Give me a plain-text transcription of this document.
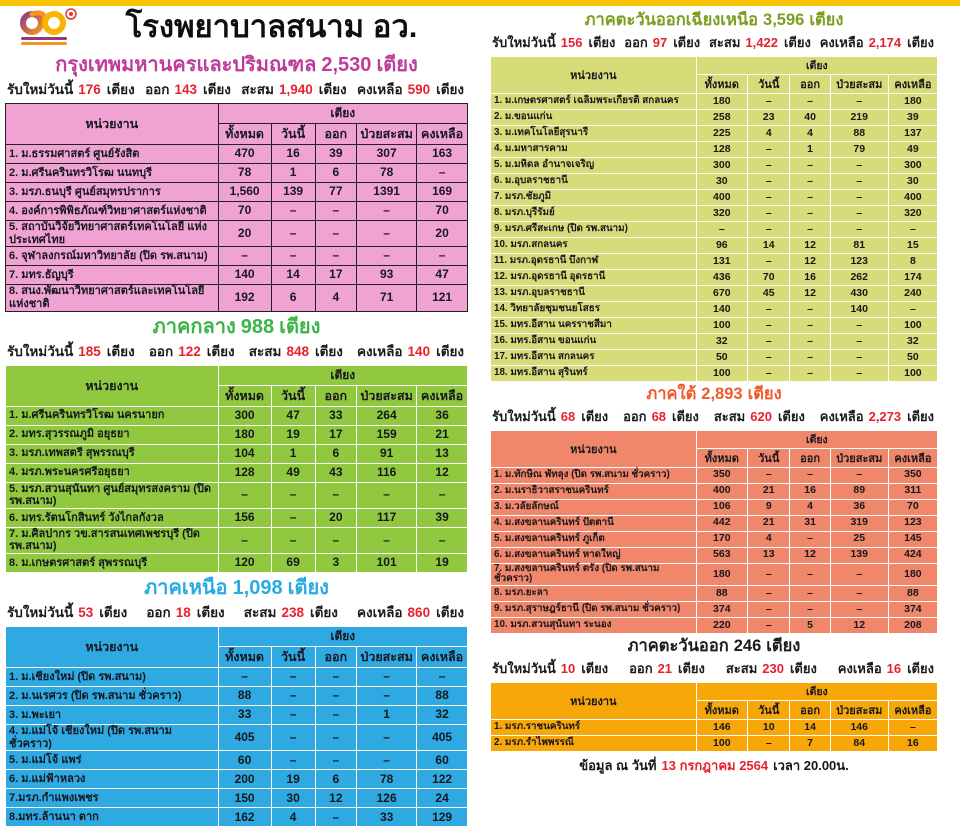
โรงพยาบาลสนาม อว.
กรุงเทพมหานครและปริมณฑล 2,530 เตียง
รับใหม่วันนี้ 176 เตียง ออก 143 เตียง สะสม 1,940 เตียง คงเหลือ 590 เตียง
หน่วยงาน	เตียง				
	ทั้งหมด	วันนี้	ออก	ป่วยสะสม	คงเหลือ
1. ม.ธรรมศาสตร์ ศูนย์รังสิต	470	16	39	307	163
2. ม.ศรีนครินทรวิโรฒ นนทบุรี	78	1	6	78	–
3. มรภ.ธนบุรี ศูนย์สมุทรปราการ	1,560	139	77	1391	169
4. องค์การพิพิธภัณฑ์วิทยาศาสตร์แห่งชาติ	70	–	–	–	70
5. สถาบันวิจัยวิทยาศาสตร์เทคโนโลยี แห่งประเทศไทย	20	–	–	–	20
6. จุฬาลงกรณ์มหาวิทยาลัย (ปิด รพ.สนาม)	–	–	–	–	–
7. มทร.ธัญบุรี	140	14	17	93	47
8. สนง.พัฒนาวิทยาศาสตร์และเทคโนโลยีแห่งชาติ	192	6	4	71	121
ภาคกลาง 988 เตียง
รับใหม่วันนี้ 185 เตียง ออก 122 เตียง สะสม 848 เตียง คงเหลือ 140 เตียง
หน่วยงาน	เตียง				
	ทั้งหมด	วันนี้	ออก	ป่วยสะสม	คงเหลือ
1. ม.ศรีนครินทรวิโรฒ นครนายก	300	47	33	264	36
2. มทร.สุวรรณภูมิ อยุธยา	180	19	17	159	21
3. มรภ.เทพสตรี สุพรรณบุรี	104	1	6	91	13
4. มรภ.พระนครศรีอยุธยา	128	49	43	116	12
5. มรภ.สวนสุนันทา ศูนย์สมุทรสงคราม (ปิด รพ.สนาม)	–	–	–	–	–
6. มทร.รัตนโกสินทร์ วังไกลกังวล	156	–	20	117	39
7. ม.ศิลปากร วข.สารสนเทศเพชรบุรี (ปิด รพ.สนาม)	–	–	–	–	–
8. ม.เกษตรศาสตร์ สุพรรณบุรี	120	69	3	101	19
ภาคเหนือ 1,098 เตียง
รับใหม่วันนี้ 53 เตียง ออก 18 เตียง สะสม 238 เตียง คงเหลือ 860 เตียง
หน่วยงาน	เตียง				
	ทั้งหมด	วันนี้	ออก	ป่วยสะสม	คงเหลือ
1. ม.เชียงใหม่ (ปิด รพ.สนาม)	–	–	–	–	–
2. ม.นเรศวร (ปิด รพ.สนาม ชั่วคราว)	88	–	–	–	88
3. ม.พะเยา	33	–	–	1	32
4. ม.แม่โจ้ เชียงใหม่ (ปิด รพ.สนาม ชั่วคราว)	405	–	–	–	405
5. ม.แม่โจ้ แพร่	60	–	–	–	60
6. ม.แม่ฟ้าหลวง	200	19	6	78	122
7.มรภ.กำแพงเพชร	150	30	12	126	24
8.มทร.ล้านนา ตาก	162	4	–	33	129
ภาคตะวันออกเฉียงเหนือ 3,596 เตียง
รับใหม่วันนี้ 156 เตียง ออก 97 เตียง สะสม 1,422 เตียง คงเหลือ 2,174 เตียง
หน่วยงาน	เตียง				
	ทั้งหมด	วันนี้	ออก	ป่วยสะสม	คงเหลือ
1. ม.เกษตรศาสตร์ เฉลิมพระเกียรติ สกลนคร	180	–	–	–	180
2. ม.ขอนแก่น	258	23	40	219	39
3. ม.เทคโนโลยีสุรนารี	225	4	4	88	137
4. ม.มหาสารคาม	128	–	1	79	49
5. ม.มหิดล อำนาจเจริญ	300	–	–	–	300
6. ม.อุบลราชธานี	30	–	–	–	30
7. มรภ.ชัยภูมิ	400	–	–	–	400
8. มรภ.บุรีรัมย์	320	–	–	–	320
9. มรภ.ศรีสะเกษ (ปิด รพ.สนาม)	–	–	–	–	–
10. มรภ.สกลนคร	96	14	12	81	15
11. มรภ.อุดรธานี บึงกาฬ	131	–	12	123	8
12. มรภ.อุดรธานี อุดรธานี	436	70	16	262	174
13. มรภ.อุบลราชธานี	670	45	12	430	240
14. วิทยาลัยชุมชนยโสธร	140	–	–	140	–
15. มทร.อีสาน นครราชสีมา	100	–	–	–	100
16. มทร.อีสาน ขอนแก่น	32	–	–	–	32
17. มทร.อีสาน สกลนคร	50	–	–	–	50
18. มทร.อีสาน สุรินทร์	100	–	–	–	100
ภาคใต้ 2,893 เตียง
รับใหม่วันนี้ 68 เตียง ออก 68 เตียง สะสม 620 เตียง คงเหลือ 2,273 เตียง
หน่วยงาน	เตียง				
	ทั้งหมด	วันนี้	ออก	ป่วยสะสม	คงเหลือ
1. ม.ทักษิณ พัทลุง (ปิด รพ.สนาม ชั่วคราว)	350	–	–	–	350
2. ม.นราธิวาสราชนครินทร์	400	21	16	89	311
3. ม.วลัยลักษณ์	106	9	4	36	70
4. ม.สงขลานครินทร์ ปัตตานี	442	21	31	319	123
5. ม.สงขลานครินทร์ ภูเก็ต	170	4	–	25	145
6. ม.สงขลานครินทร์ หาดใหญ่	563	13	12	139	424
7. ม.สงขลานครินทร์ ตรัง (ปิด รพ.สนาม ชั่วคราว)	180	–	–	–	180
8. มรภ.ยะลา	88	–	–	–	88
9. มรภ.สุราษฎร์ธานี (ปิด รพ.สนาม ชั่วคราว)	374	–	–	–	374
10. มรภ.สวนสุนันทา ระนอง	220	–	5	12	208
ภาคตะวันออก 246 เตียง
รับใหม่วันนี้ 10 เตียง ออก 21 เตียง สะสม 230 เตียง คงเหลือ 16 เตียง
หน่วยงาน	เตียง				
	ทั้งหมด	วันนี้	ออก	ป่วยสะสม	คงเหลือ
1. มรภ.ราชนครินทร์	146	10	14	146	–
2. มรภ.รำไพพรรณี	100	–	7	84	16
ข้อมูล ณ วันที่ 13 กรกฎาคม 2564 เวลา 20.00น.
